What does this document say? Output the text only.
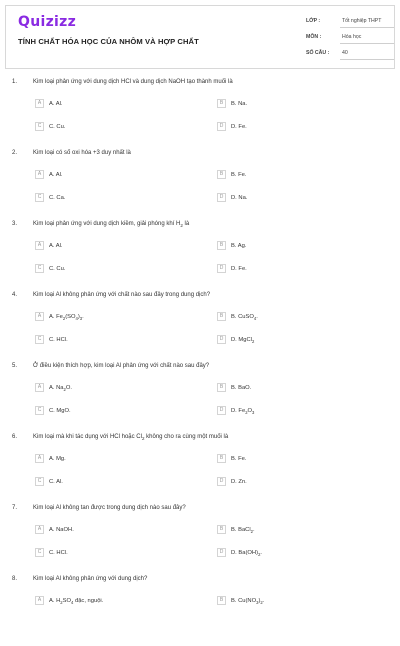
Quizizz
TÍNH CHẤT HÓA HỌC CỦA NHÔM VÀ HỢP CHẤT
LỚP :	Tốt nghiệp THPT
MÔN :	Hóa học
SỐ CÂU : 40
1.	Kim loại phản ứng với dung dịch HCl và dung dịch NaOH tạo thành muối là
A	A. Al.	B	B. Na.
C	C. Cu.	D	D. Fe.
2.	Kim loại có số oxi hóa +3 duy nhất là
A	A. Al.	B	B. Fe.
C	C. Ca.	D	D. Na.
3.	Kim loại phản ứng với dung dịch kiềm, giải phóng khí $H_2$ là
A	A. Al.	B	B. Ag.
C	C. Cu.	D	D. Fe.
4.	Kim loại Al không phản ứng với chất nào sau đây trong dung dịch?
A	A. $Fe_2(SO_4)_3$.	B	B. CuSO$_4$.
C	C. HCl.	D	D. MgCl$_2$
5.	Ở điều kiện thích hợp, kim loại Al phản ứng với chất nào sau đây?
A	A. $Na_2O$.	B	B. BaO.
C	C. MgO.	D	D. $Fe_2O_3$
6.	Kim loại mà khi tác dụng với HCl hoặc $Cl_2$ không cho ra cùng một muối là
A	A. Mg.	B	B. Fe.
C	C. Al.	D	D. Zn.
7.	Kim loại Al không tan được trong dung dịch nào sau đây?
A	A. NaOH.	B	B. BaCl$_2$.
C	C. HCl.	D	D. $Ba(OH)_2$.
8.	Kim loại Al không phản ứng với dung dịch?
A	A. $H_2SO_4$ đặc, nguội.	B	B. $Cu(NO_3)_2$.
